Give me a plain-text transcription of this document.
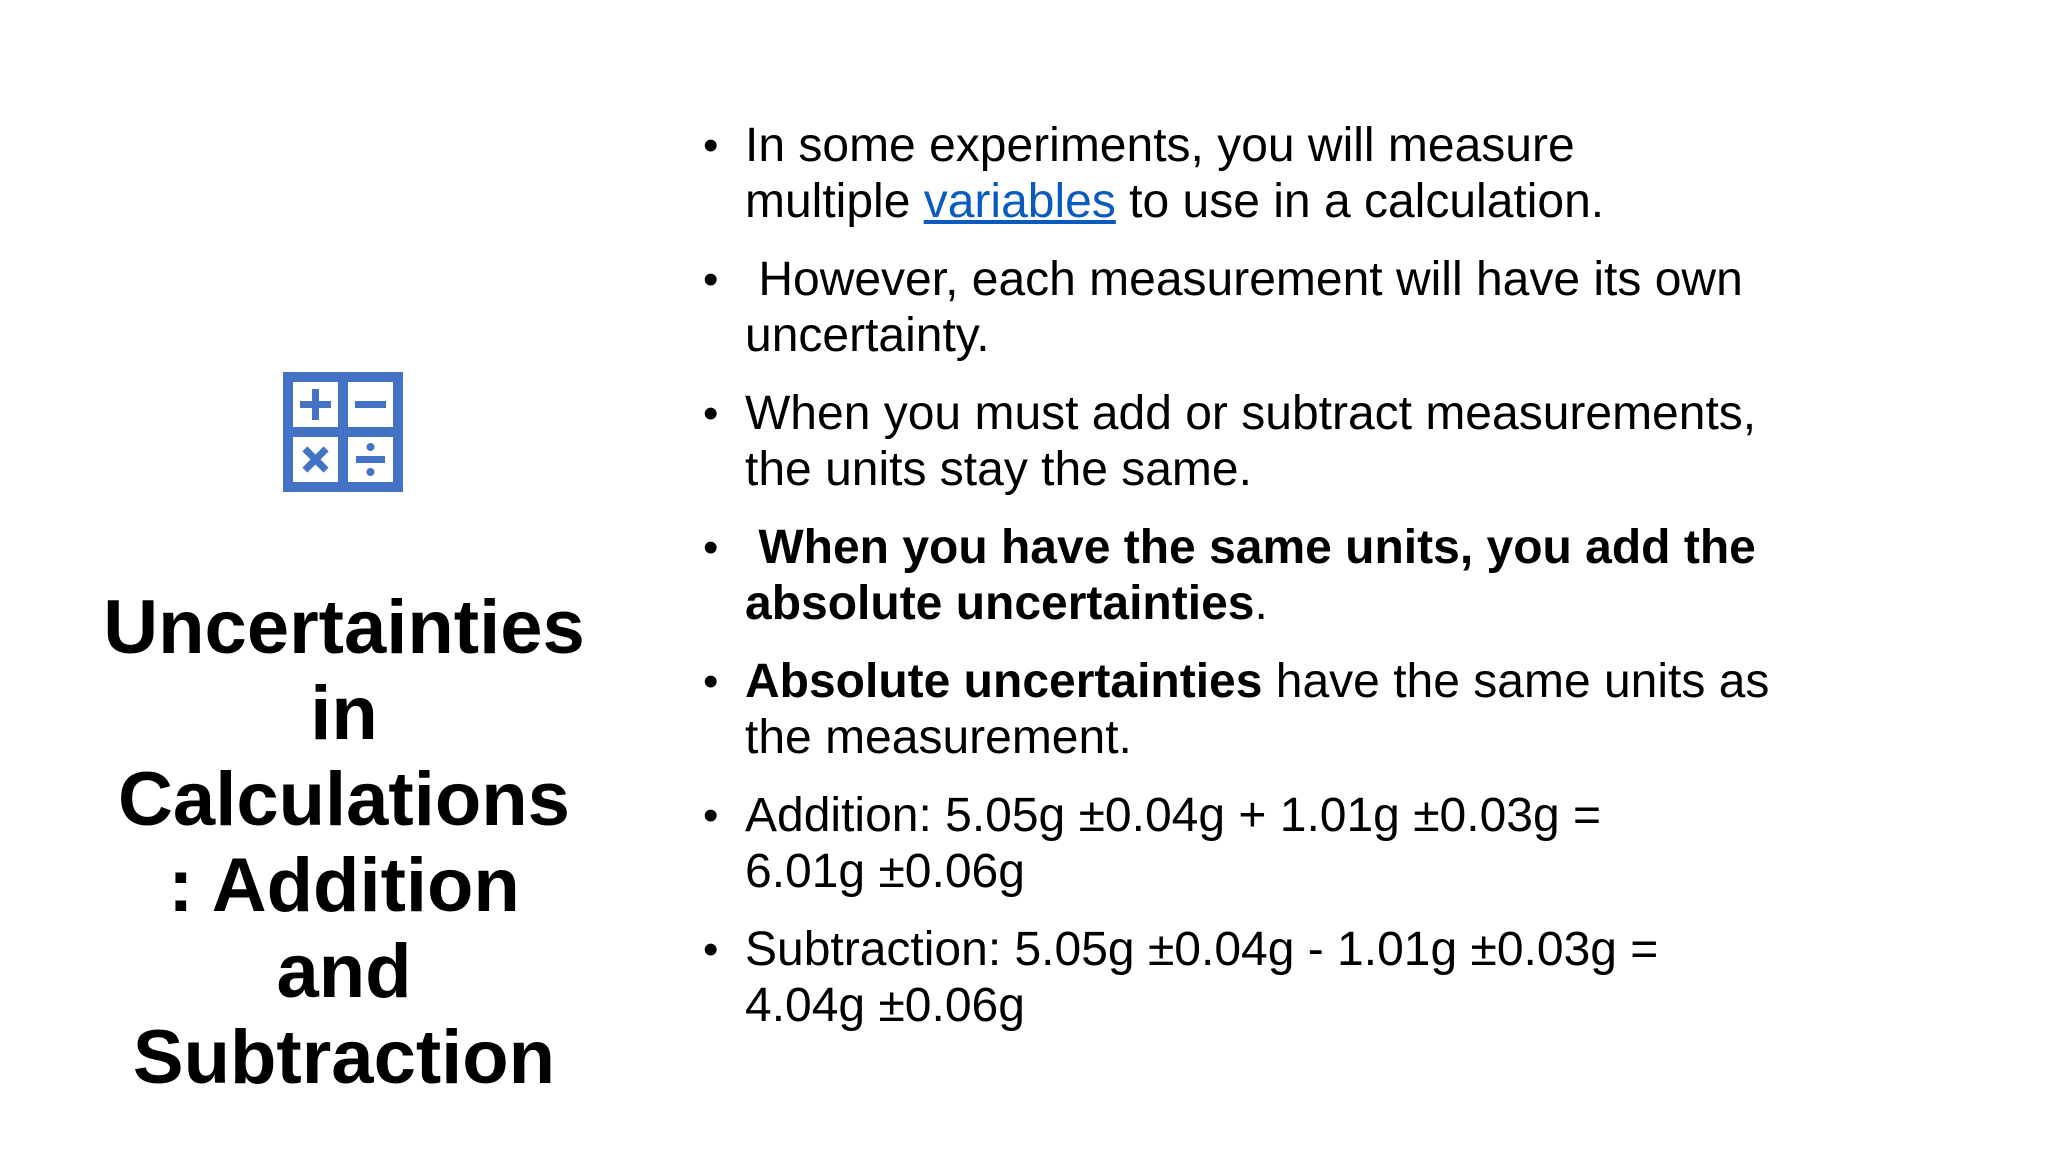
Uncertainties
in
Calculations
: Addition
and
Subtraction
• In some experiments, you will measure
multiple variables to use in a calculation.
• However, each measurement will have its own
uncertainty.
• When you must add or subtract measurements,
the units stay the same.
• When you have the same units, you add the
absolute uncertainties.
• Absolute uncertainties have the same units as
the measurement.
• Addition: 5.05g ±0.04g + 1.01g ±0.03g =
6.01g ±0.06g
• Subtraction: 5.05g ±0.04g - 1.01g ±0.03g =
4.04g ±0.06g
